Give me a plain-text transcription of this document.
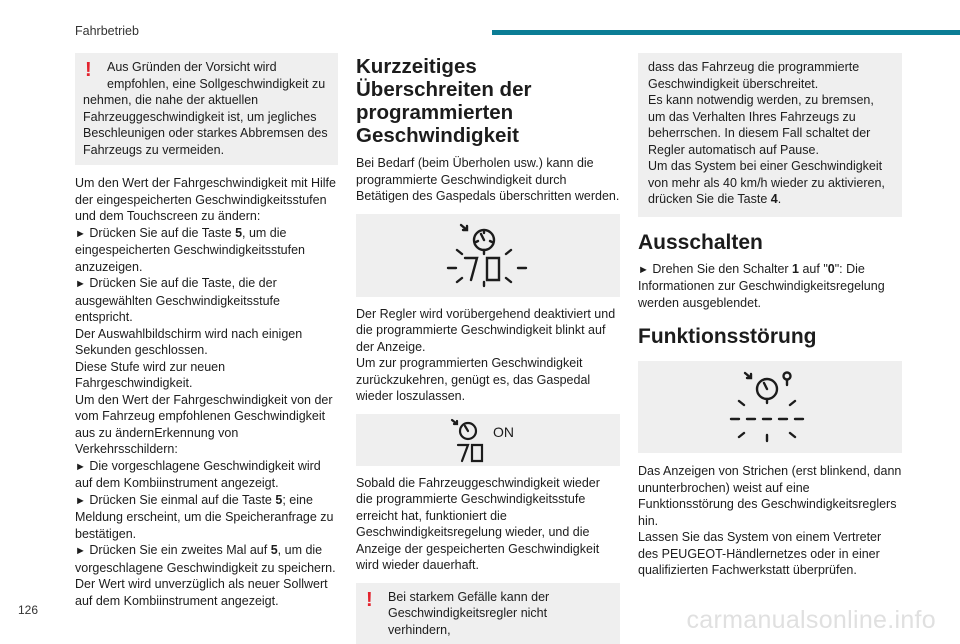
Fahrbetrieb
!	Aus Gründen der Vorsicht wird

empfohlen, eine Sollgeschwindigkeit zu

nehmen, die nahe der aktuellen Fahrzeuggeschwindigkeit ist, um jegliches Beschleunigen oder starkes Abbremsen des Fahrzeugs zu vermeiden.

Um den Wert der Fahrgeschwindigkeit mit Hilfe der eingespeicherten Geschwindigkeitsstufen und dem Touchscreen zu ändern:

► Drücken Sie auf die Taste 5, um die eingespeicherten Geschwindigkeitsstufen anzuzeigen.

► Drücken Sie auf die Taste, die der ausgewählten Geschwindigkeitsstufe entspricht.

Der Auswahlbildschirm wird nach einigen Sekunden geschlossen.

Diese Stufe wird zur neuen Fahrgeschwindigkeit.

Um den Wert der Fahrgeschwindigkeit von der vom Fahrzeug empfohlenen Geschwindigkeit aus zu ändernErkennung von Verkehrsschildern:

► Die vorgeschlagene Geschwindigkeit wird auf dem Kombiinstrument angezeigt.

► Drücken Sie einmal auf die Taste 5; eine Meldung erscheint, um die Speicheranfrage zu bestätigen.

► Drücken Sie ein zweites Mal auf 5, um die vorgeschlagene Geschwindigkeit zu speichern.

Der Wert wird unverzüglich als neuer Sollwert auf dem Kombiinstrument angezeigt.

Kurzzeitiges Überschreiten der programmierten Geschwindigkeit

Bei Bedarf (beim Überholen usw.) kann die programmierte Geschwindigkeit durch Betätigen des Gaspedals überschritten werden.

Der Regler wird vorübergehend deaktiviert und die programmierte Geschwindigkeit blinkt auf der Anzeige.

Um zur programmierten Geschwindigkeit zurückzukehren, genügt es, das Gaspedal wieder loszulassen.

ON

Sobald die Fahrzeuggeschwindigkeit wieder die programmierte Geschwindigkeitsstufe erreicht hat, funktioniert die Geschwindigkeitsregelung wieder, und die Anzeige der gespeicherten Geschwindigkeit wird wieder dauerhaft.

!	Bei starkem Gefälle kann der

Geschwindigkeitsregler nicht verhindern,

dass das Fahrzeug die programmierte Geschwindigkeit überschreitet.

Es kann notwendig werden, zu bremsen, um das Verhalten Ihres Fahrzeugs zu beherrschen. In diesem Fall schaltet der Regler automatisch auf Pause.

Um das System bei einer Geschwindigkeit von mehr als 40 km/h wieder zu aktivieren, drücken Sie die Taste 4.

Ausschalten

► Drehen Sie den Schalter 1 auf "0": Die Informationen zur Geschwindigkeitsregelung werden ausgeblendet.

Funktionsstörung

Das Anzeigen von Strichen (erst blinkend, dann ununterbrochen) weist auf eine Funktionsstörung des Geschwindigkeitsreglers hin.

Lassen Sie das System von einem Vertreter des PEUGEOT-Händlernetzes oder in einer qualifizierten Fachwerkstatt überprüfen.

126	carmanualsonline.info
